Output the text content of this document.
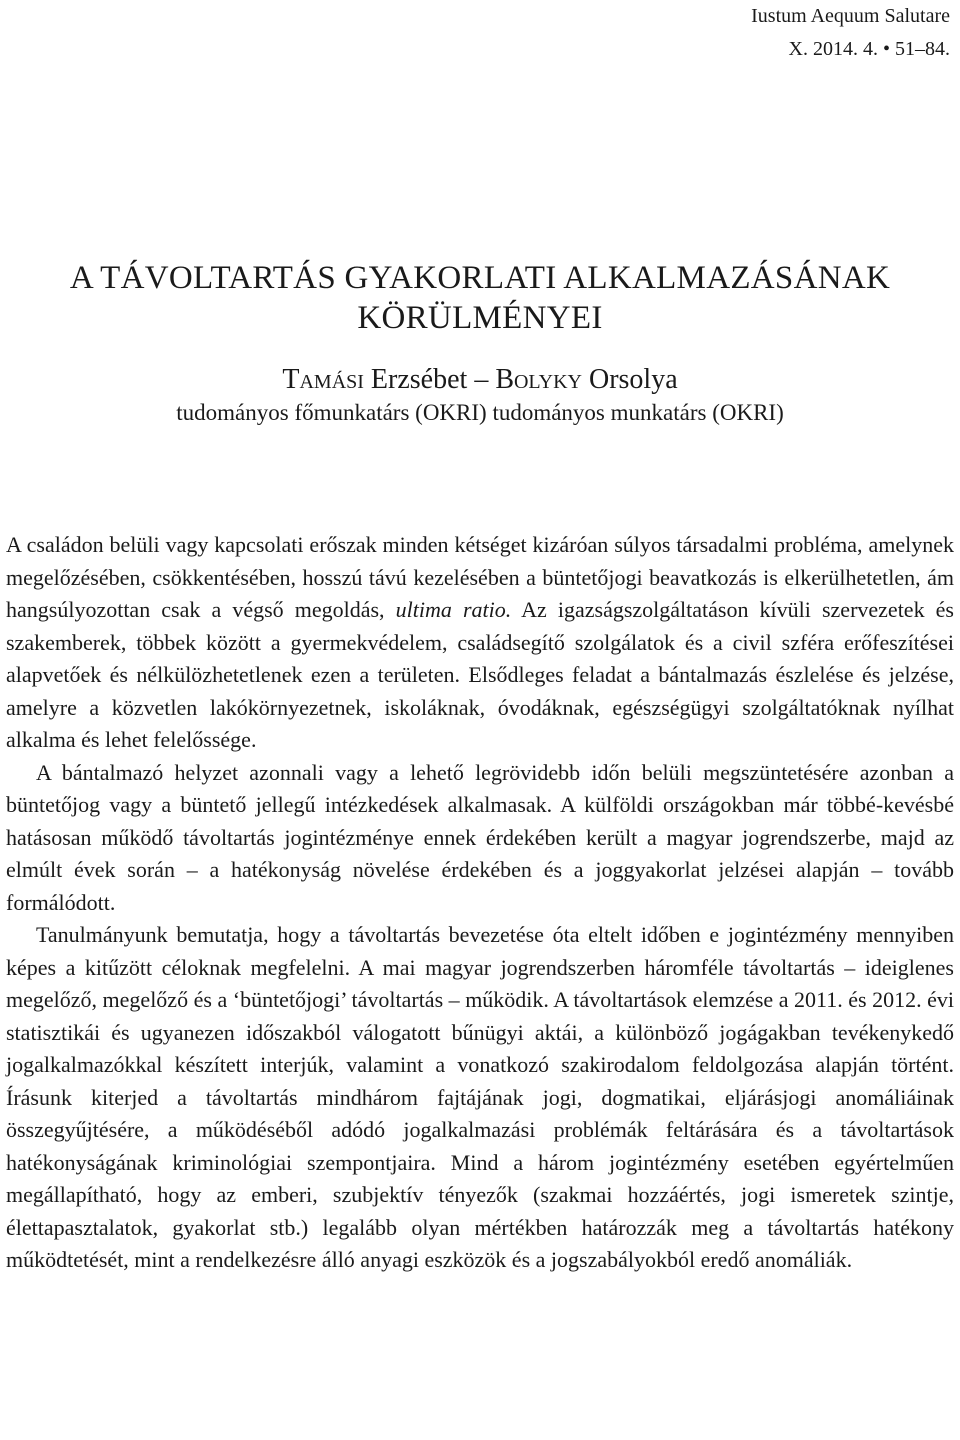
Iustum Aequum Salutare
X. 2014. 4. • 51–84.
A TÁVOLTARTÁS GYAKORLATI ALKALMAZÁSÁNAK
KÖRÜLMÉNYEI
Tamási Erzsébet – Bolyky Orsolya
tudományos főmunkatárs (OKRI) tudományos munkatárs (OKRI)

A családon belüli vagy kapcsolati erőszak minden kétséget kizáróan súlyos társadalmi probléma, amelynek megelőzésében, csökkentésében, hosszú távú kezelésében a büntetőjogi beavatkozás is elkerülhetetlen, ám hangsúlyozottan csak a végső megoldás, ultima ratio. Az igazságszolgáltatáson kívüli szervezetek és szakemberek, többek között a gyermekvédelem, családsegítő szolgálatok és a civil szféra erőfeszítései alapvetőek és nélkülözhetetlenek ezen a területen. Elsődleges feladat a bántalmazás észlelése és jelzése, amelyre a közvetlen lakókörnyezetnek, iskoláknak, óvodáknak, egészségügyi szolgáltatóknak nyílhat alkalma és lehet felelőssége.

A bántalmazó helyzet azonnali vagy a lehető legrövidebb időn belüli megszüntetésére azonban a büntetőjog vagy a büntető jellegű intézkedések alkalmasak. A külföldi országokban már többé-kevésbé hatásosan működő távoltartás jogintézménye ennek érdekében került a magyar jogrendszerbe, majd az elmúlt évek során – a hatékonyság növelése érdekében és a joggyakorlat jelzései alapján – tovább formálódott.

Tanulmányunk bemutatja, hogy a távoltartás bevezetése óta eltelt időben e jogintézmény mennyiben képes a kitűzött céloknak megfelelni. A mai magyar jogrendszerben háromféle távoltartás – ideiglenes megelőző, megelőző és a ‘büntetőjogi’ távoltartás – működik. A távoltartások elemzése a 2011. és 2012. évi statisztikái és ugyanezen időszakból válogatott bűnügyi aktái, a különböző jogágakban tevékenykedő jogalkalmazókkal készített interjúk, valamint a vonatkozó szakirodalom feldolgozása alapján történt. Írásunk kiterjed a távoltartás mindhárom fajtájának jogi, dogmatikai, eljárásjogi anomáliáinak összegyűjtésére, a működéséből adódó jogalkalmazási problémák feltárására és a távoltartások hatékonyságának kriminológiai szempontjaira. Mind a három jogintézmény esetében egyértelműen megállapítható, hogy az emberi, szubjektív tényezők (szakmai hozzáértés, jogi ismeretek szintje, élettapasztalatok, gyakorlat stb.) legalább olyan mértékben határozzák meg a távoltartás hatékony működtetését, mint a rendelkezésre álló anyagi eszközök és a jogszabályokból eredő anomáliák.
